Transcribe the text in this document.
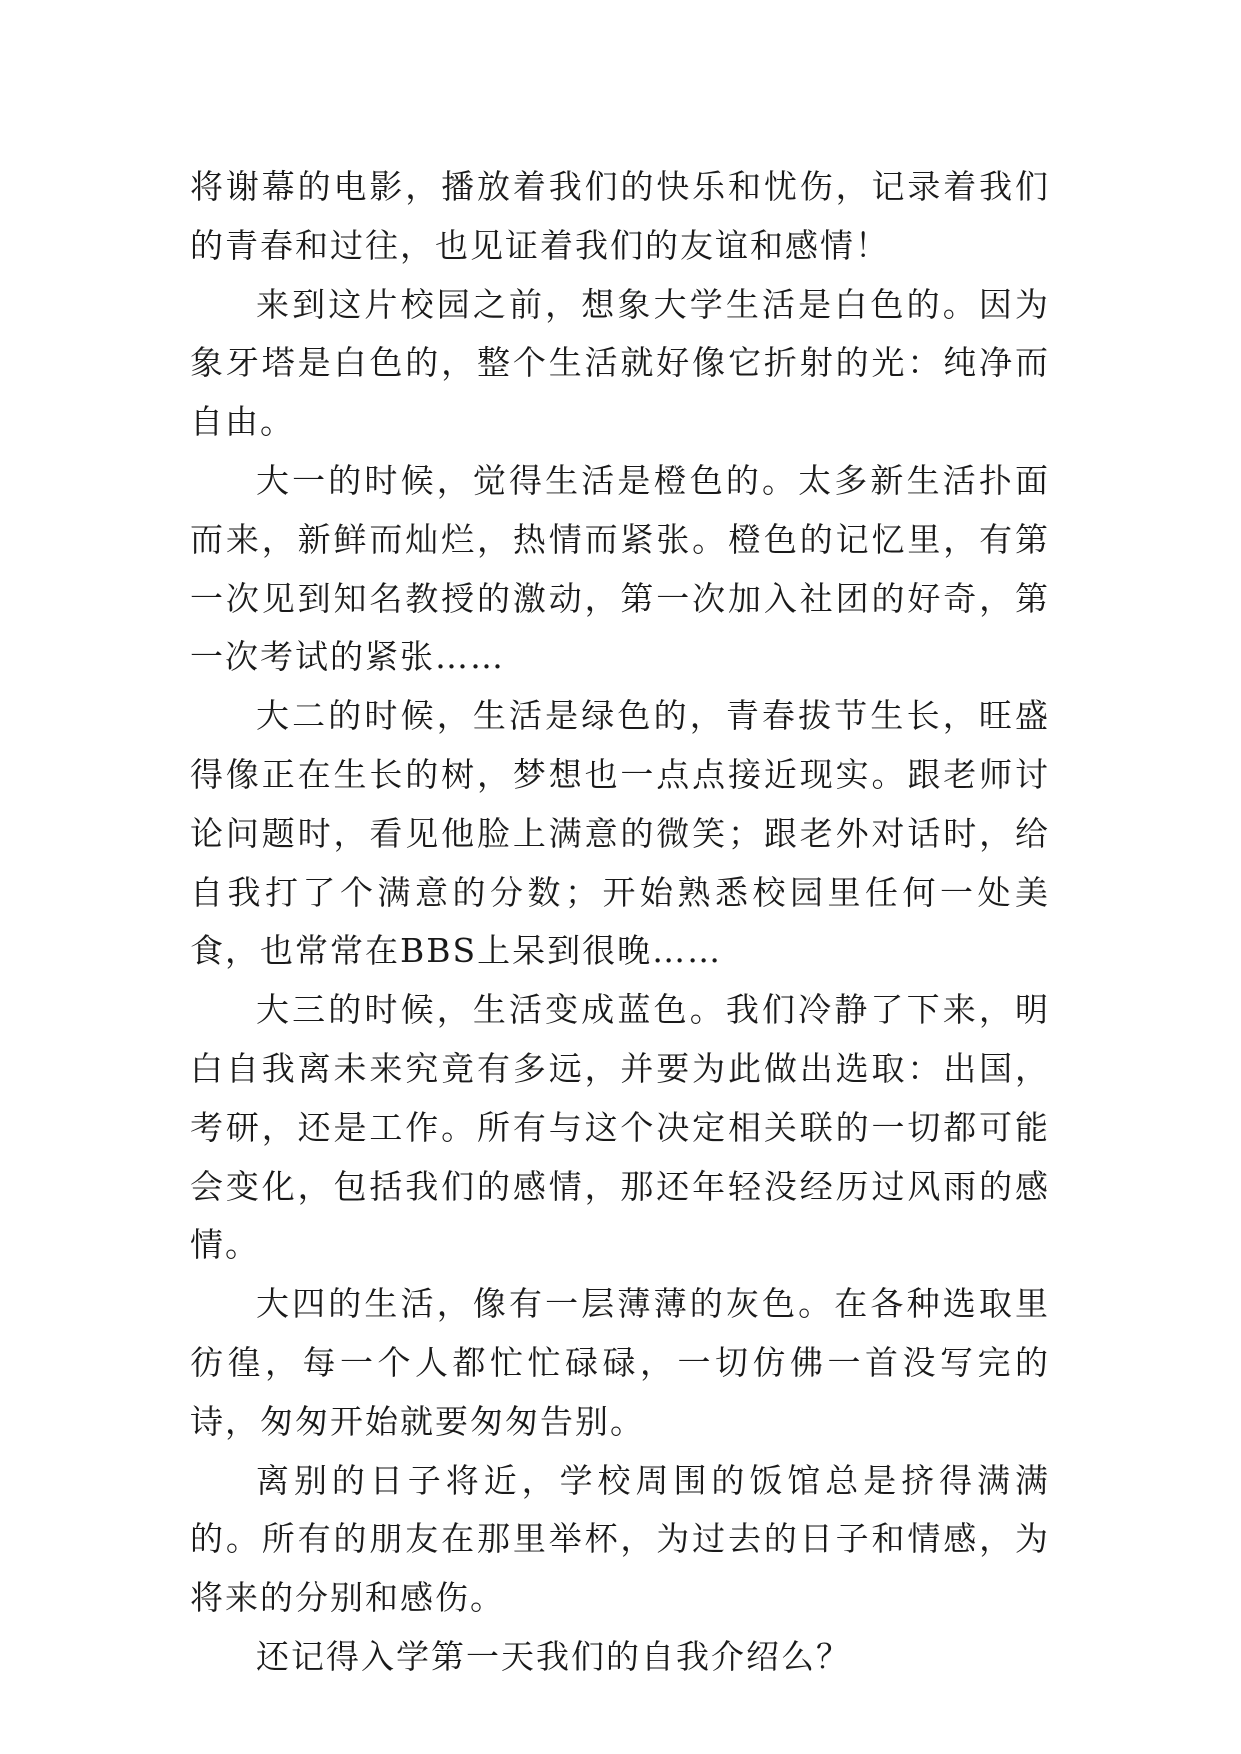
将谢幕的电影，播放着我们的快乐和忧伤，记录着我们的青春和过往，也见证着我们的友谊和感情！

来到这片校园之前，想象大学生活是白色的。因为象牙塔是白色的，整个生活就好像它折射的光：纯净而自由。

大一的时候，觉得生活是橙色的。太多新生活扑面而来，新鲜而灿烂，热情而紧张。橙色的记忆里，有第一次见到知名教授的激动，第一次加入社团的好奇，第一次考试的紧张……

大二的时候，生活是绿色的，青春拔节生长，旺盛得像正在生长的树，梦想也一点点接近现实。跟老师讨论问题时，看见他脸上满意的微笑；跟老外对话时，给自我打了个满意的分数；开始熟悉校园里任何一处美食，也常常在BBS上呆到很晚……

大三的时候，生活变成蓝色。我们冷静了下来，明白自我离未来究竟有多远，并要为此做出选取：出国，考研，还是工作。所有与这个决定相关联的一切都可能会变化，包括我们的感情，那还年轻没经历过风雨的感情。

大四的生活，像有一层薄薄的灰色。在各种选取里彷徨，每一个人都忙忙碌碌，一切仿佛一首没写完的诗，匆匆开始就要匆匆告别。

离别的日子将近，学校周围的饭馆总是挤得满满的。所有的朋友在那里举杯，为过去的日子和情感，为将来的分别和感伤。

还记得入学第一天我们的自我介绍么？
